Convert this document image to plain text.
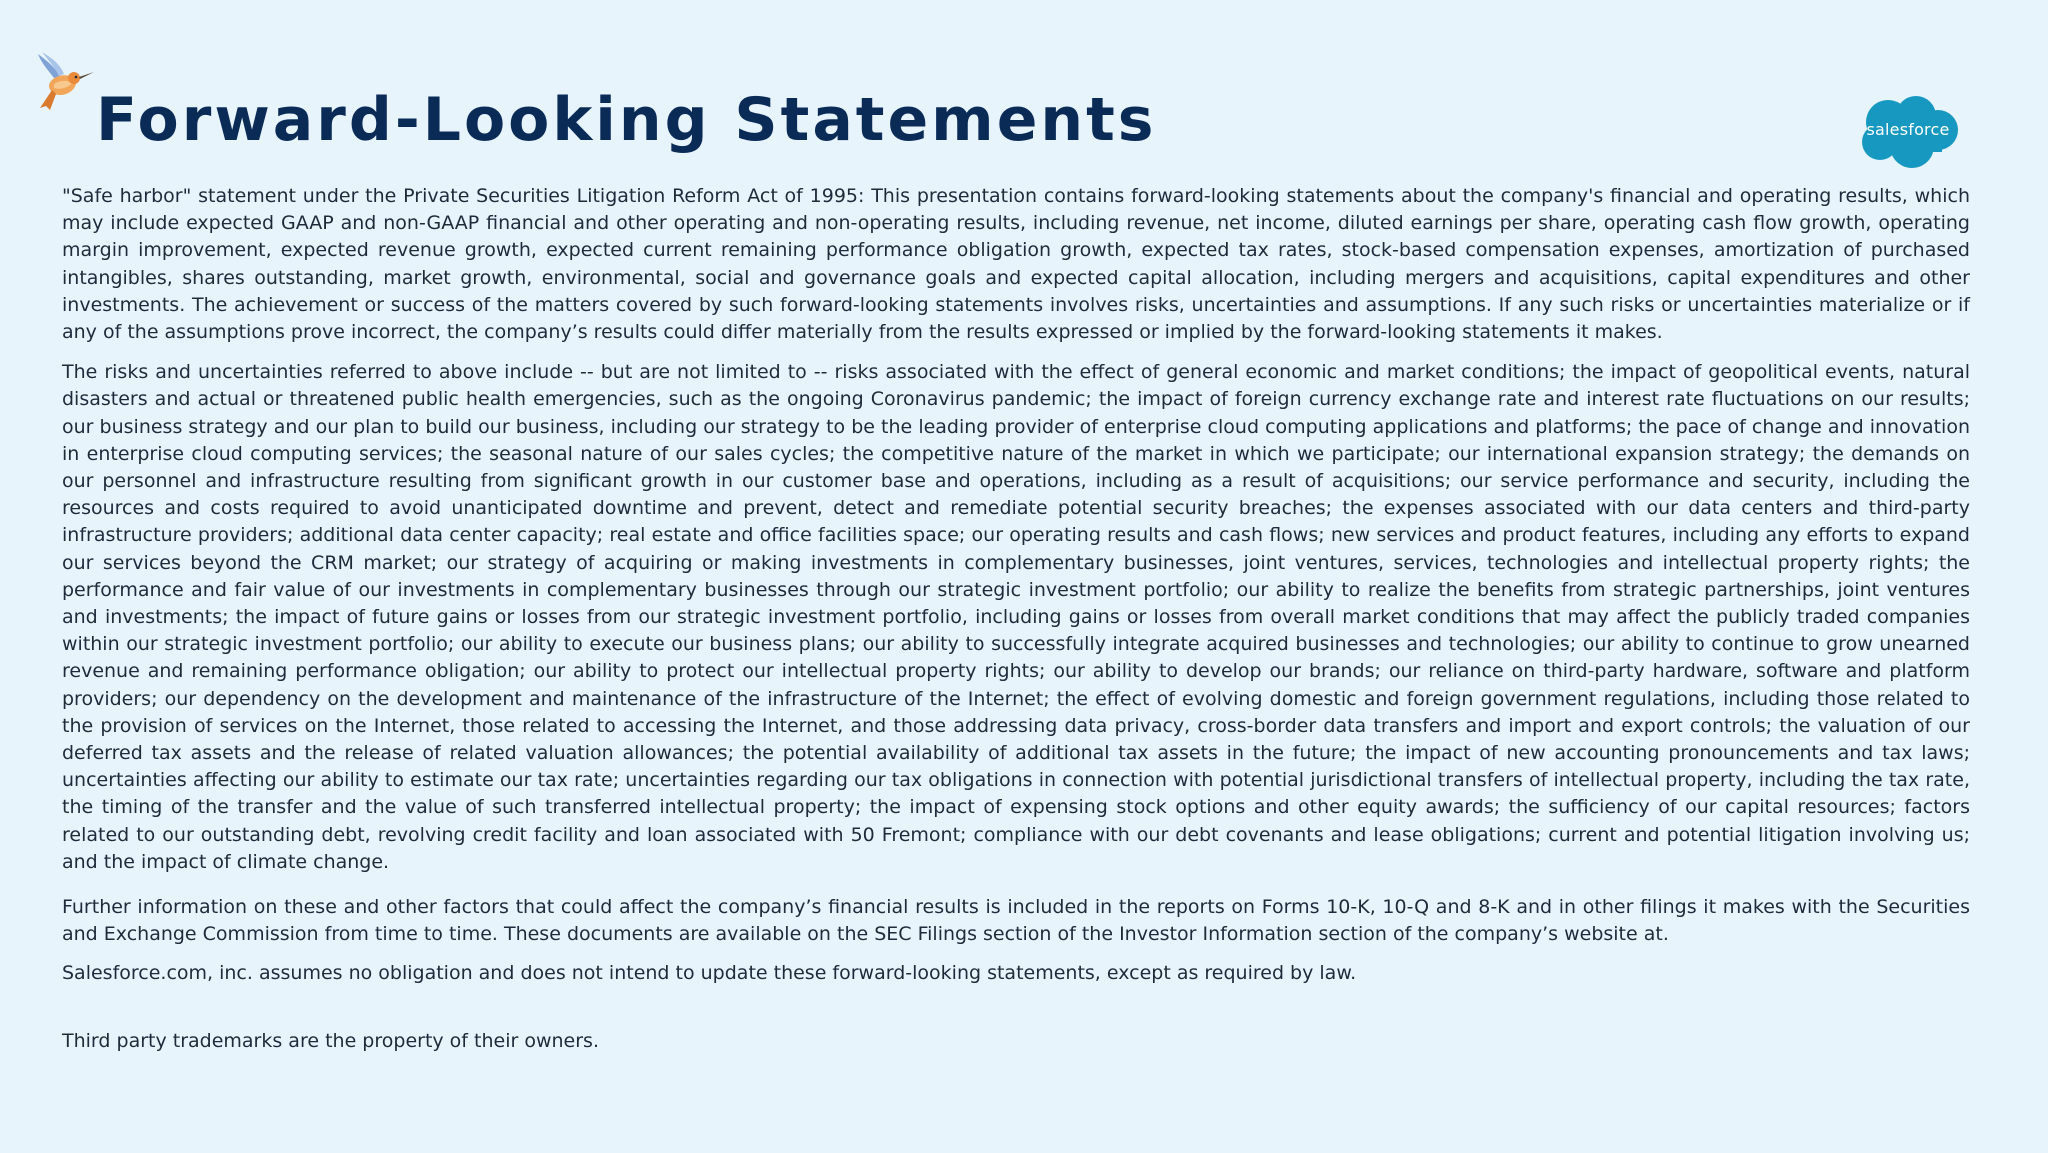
Forward-Looking Statements	salesforce

"Safe harbor" statement under the Private Securities Litigation Reform Act of 1995: This presentation contains forward-looking statements about the company's financial and operating results, which may include expected GAAP and non-GAAP financial and other operating and non-operating results, including revenue, net income, diluted earnings per share, operating cash flow growth, operating margin improvement, expected revenue growth, expected current remaining performance obligation growth, expected tax rates, stock-based compensation expenses, amortization of purchased intangibles, shares outstanding, market growth, environmental, social and governance goals and expected capital allocation, including mergers and acquisitions, capital expenditures and other investments. The achievement or success of the matters covered by such forward-looking statements involves risks, uncertainties and assumptions. If any such risks or uncertainties materialize or if any of the assumptions prove incorrect, the company’s results could differ materially from the results expressed or implied by the forward-looking statements it makes.

The risks and uncertainties referred to above include -- but are not limited to -- risks associated with the effect of general economic and market conditions; the impact of geopolitical events, natural disasters and actual or threatened public health emergencies, such as the ongoing Coronavirus pandemic; the impact of foreign currency exchange rate and interest rate fluctuations on our results; our business strategy and our plan to build our business, including our strategy to be the leading provider of enterprise cloud computing applications and platforms; the pace of change and innovation in enterprise cloud computing services; the seasonal nature of our sales cycles; the competitive nature of the market in which we participate; our international expansion strategy; the demands on our personnel and infrastructure resulting from significant growth in our customer base and operations, including as a result of acquisitions; our service performance and security, including the resources and costs required to avoid unanticipated downtime and prevent, detect and remediate potential security breaches; the expenses associated with our data centers and third-party infrastructure providers; additional data center capacity; real estate and office facilities space; our operating results and cash flows; new services and product features, including any efforts to expand our services beyond the CRM market; our strategy of acquiring or making investments in complementary businesses, joint ventures, services, technologies and intellectual property rights; the performance and fair value of our investments in complementary businesses through our strategic investment portfolio; our ability to realize the benefits from strategic partnerships, joint ventures and investments; the impact of future gains or losses from our strategic investment portfolio, including gains or losses from overall market conditions that may affect the publicly traded companies within our strategic investment portfolio; our ability to execute our business plans; our ability to successfully integrate acquired businesses and technologies; our ability to continue to grow unearned revenue and remaining performance obligation; our ability to protect our intellectual property rights; our ability to develop our brands; our reliance on third-party hardware, software and platform providers; our dependency on the development and maintenance of the infrastructure of the Internet; the effect of evolving domestic and foreign government regulations, including those related to the provision of services on the Internet, those related to accessing the Internet, and those addressing data privacy, cross-border data transfers and import and export controls; the valuation of our deferred tax assets and the release of related valuation allowances; the potential availability of additional tax assets in the future; the impact of new accounting pronouncements and tax laws; uncertainties affecting our ability to estimate our tax rate; uncertainties regarding our tax obligations in connection with potential jurisdictional transfers of intellectual property, including the tax rate, the timing of the transfer and the value of such transferred intellectual property; the impact of expensing stock options and other equity awards; the sufficiency of our capital resources; factors related to our outstanding debt, revolving credit facility and loan associated with 50 Fremont; compliance with our debt covenants and lease obligations; current and potential litigation involving us; and the impact of climate change.

Further information on these and other factors that could affect the company’s financial results is included in the reports on Forms 10-K, 10-Q and 8-K and in other filings it makes with the Securities and Exchange Commission from time to time. These documents are available on the SEC Filings section of the Investor Information section of the company’s website at.

Salesforce.com, inc. assumes no obligation and does not intend to update these forward-looking statements, except as required by law.

Third party trademarks are the property of their owners.
